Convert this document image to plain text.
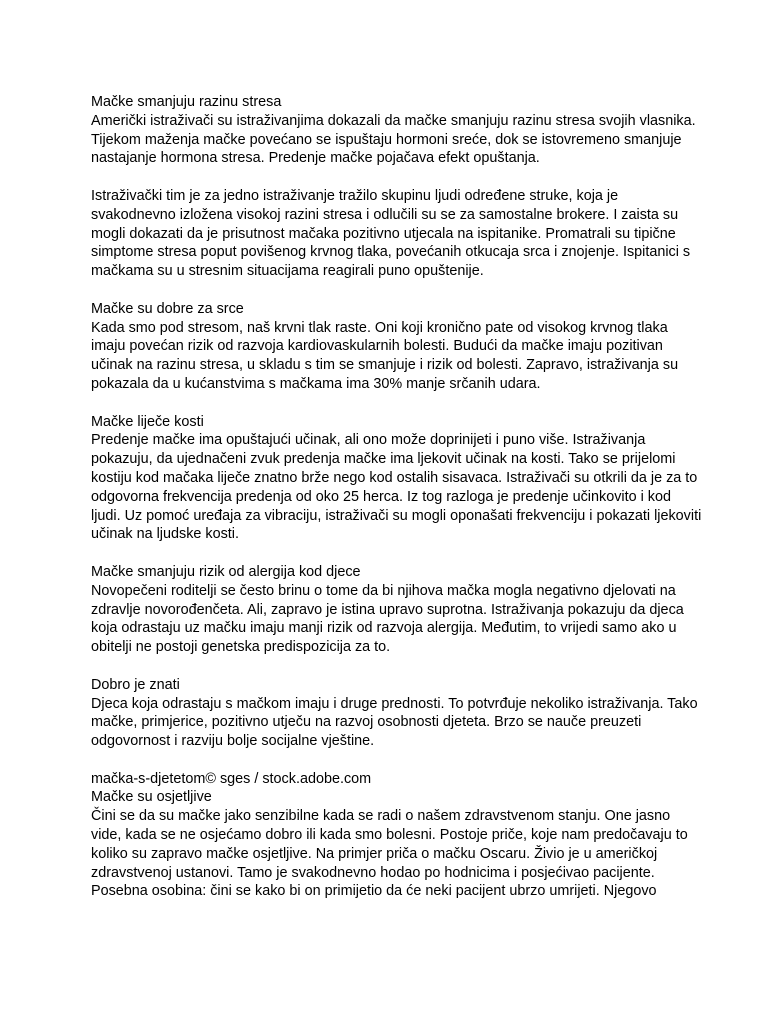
Mačke smanjuju razinu stresa
Američki istraživači su istraživanjima dokazali da mačke smanjuju razinu stresa svojih vlasnika.
Tijekom maženja mačke povećano se ispuštaju hormoni sreće, dok se istovremeno smanjuje
nastajanje hormona stresa. Predenje mačke pojačava efekt opuštanja.
Istraživački tim je za jedno istraživanje tražilo skupinu ljudi određene struke, koja je
svakodnevno izložena visokoj razini stresa i odlučili su se za samostalne brokere. I zaista su
mogli dokazati da je prisutnost mačaka pozitivno utjecala na ispitanike. Promatrali su tipične
simptome stresa poput povišenog krvnog tlaka, povećanih otkucaja srca i znojenje. Ispitanici s
mačkama su u stresnim situacijama reagirali puno opuštenije.
Mačke su dobre za srce
Kada smo pod stresom, naš krvni tlak raste. Oni koji kronično pate od visokog krvnog tlaka
imaju povećan rizik od razvoja kardiovaskularnih bolesti. Budući da mačke imaju pozitivan
učinak na razinu stresa, u skladu s tim se smanjuje i rizik od bolesti. Zapravo, istraživanja su
pokazala da u kućanstvima s mačkama ima 30% manje srčanih udara.
Mačke liječe kosti
Predenje mačke ima opuštajući učinak, ali ono može doprinijeti i puno više. Istraživanja
pokazuju, da ujednačeni zvuk predenja mačke ima ljekovit učinak na kosti. Tako se prijelomi
kostiju kod mačaka liječe znatno brže nego kod ostalih sisavaca. Istraživači su otkrili da je za to
odgovorna frekvencija predenja od oko 25 herca. Iz tog razloga je predenje učinkovito i kod
ljudi. Uz pomoć uređaja za vibraciju, istraživači su mogli oponašati frekvenciju i pokazati ljekoviti
učinak na ljudske kosti.
Mačke smanjuju rizik od alergija kod djece
Novopečeni roditelji se često brinu o tome da bi njihova mačka mogla negativno djelovati na
zdravlje novorođenčeta. Ali, zapravo je istina upravo suprotna. Istraživanja pokazuju da djeca
koja odrastaju uz mačku imaju manji rizik od razvoja alergija. Međutim, to vrijedi samo ako u
obitelji ne postoji genetska predispozicija za to.
Dobro je znati
Djeca koja odrastaju s mačkom imaju i druge prednosti. To potvrđuje nekoliko istraživanja. Tako
mačke, primjerice, pozitivno utječu na razvoj osobnosti djeteta. Brzo se nauče preuzeti
odgovornost i razviju bolje socijalne vještine.
mačka-s-djetetom© sges / stock.adobe.com
Mačke su osjetljive
Čini se da su mačke jako senzibilne kada se radi o našem zdravstvenom stanju. One jasno
vide, kada se ne osjećamo dobro ili kada smo bolesni. Postoje priče, koje nam predočavaju to
koliko su zapravo mačke osjetljive. Na primjer priča o mačku Oscaru. Živio je u američkoj
zdravstvenoj ustanovi. Tamo je svakodnevno hodao po hodnicima i posjećivao pacijente.
Posebna osobina: čini se kako bi on primijetio da će neki pacijent ubrzo umrijeti. Njegovo
